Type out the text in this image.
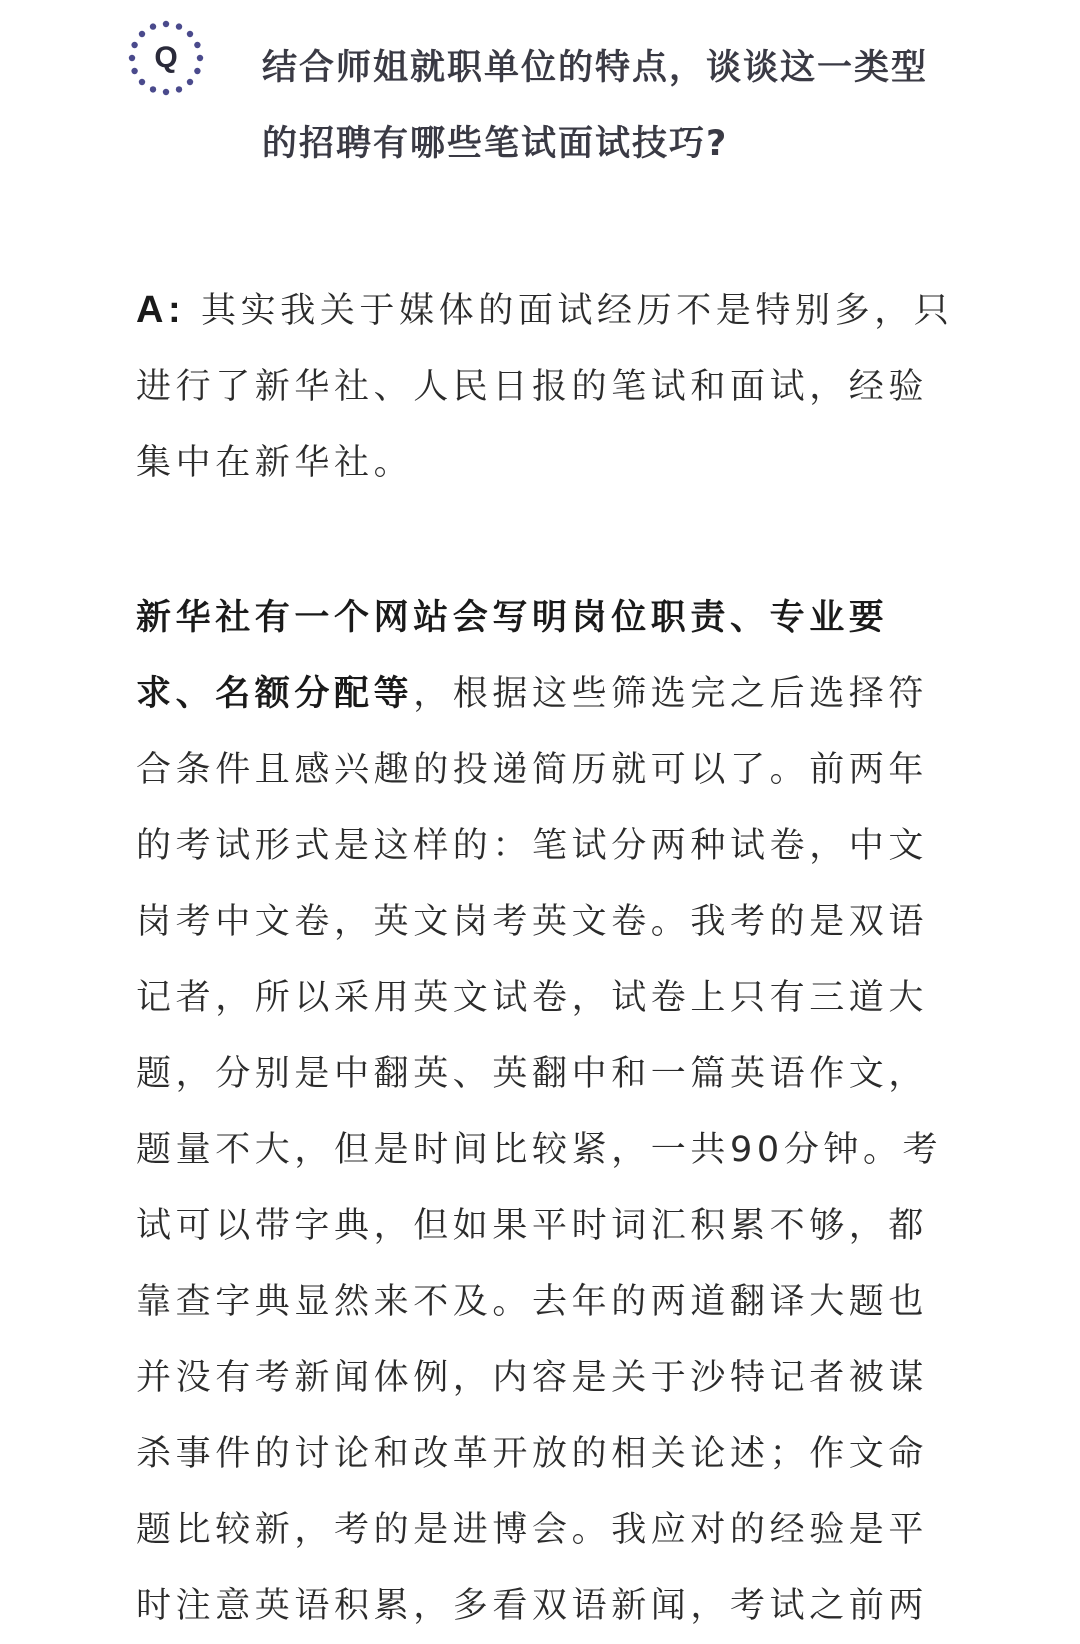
Q	结合师姐就职单位的特点，谈谈这一类型的招聘有哪些笔试面试技巧?

A: 其实我关于媒体的面试经历不是特别多，只进行了新华社、人民日报的笔试和面试，经验集中在新华社。

新华社有一个网站会写明岗位职责、专业要求、名额分配等，根据这些筛选完之后选择符合条件且感兴趣的投递简历就可以了。前两年的考试形式是这样的：笔试分两种试卷，中文岗考中文卷，英文岗考英文卷。我考的是双语记者，所以采用英文试卷，试卷上只有三道大题，分别是中翻英、英翻中和一篇英语作文，题量不大，但是时间比较紧，一共90分钟。考试可以带字典，但如果平时词汇积累不够，都靠查字典显然来不及。去年的两道翻译大题也并没有考新闻体例，内容是关于沙特记者被谋杀事件的讨论和改革开放的相关论述；作文命题比较新，考的是进博会。我应对的经验是平时注意英语积累，多看双语新闻，考试之前两
